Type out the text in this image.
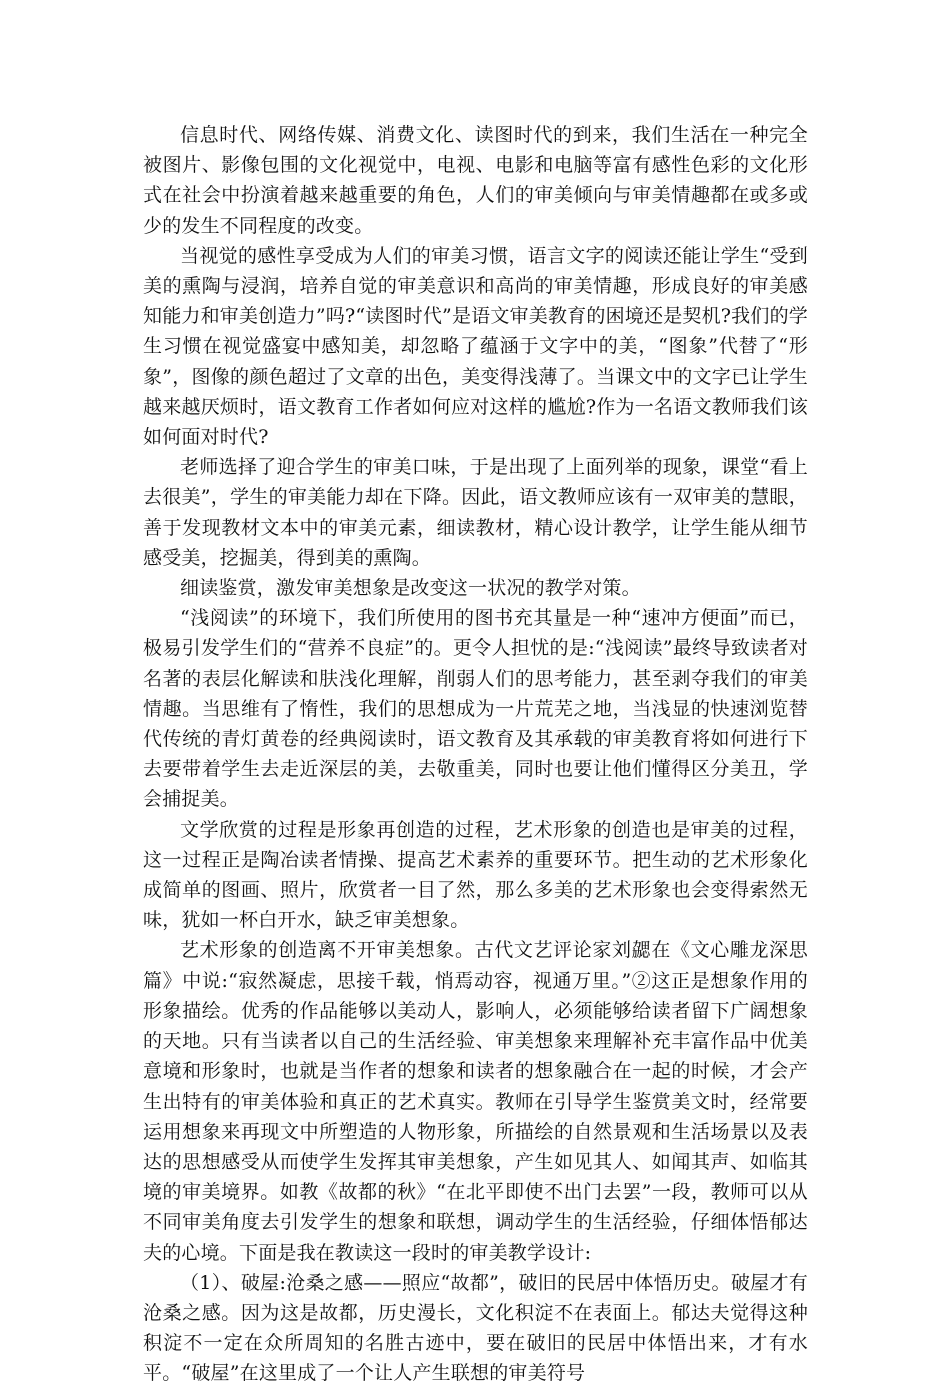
信息时代、网络传媒、消费文化、读图时代的到来，我们生活在一种完全被图片、影像包围的文化视觉中，电视、电影和电脑等富有感性色彩的文化形式在社会中扮演着越来越重要的角色，人们的审美倾向与审美情趣都在或多或少的发生不同程度的改变。

当视觉的感性享受成为人们的审美习惯，语言文字的阅读还能让学生“受到美的熏陶与浸润，培养自觉的审美意识和高尚的审美情趣，形成良好的审美感知能力和审美创造力”吗?“读图时代”是语文审美教育的困境还是契机?我们的学生习惯在视觉盛宴中感知美，却忽略了蕴涵于文字中的美，“图象”代替了“形象”，图像的颜色超过了文章的出色，美变得浅薄了。当课文中的文字已让学生越来越厌烦时，语文教育工作者如何应对这样的尴尬?作为一名语文教师我们该如何面对时代?

老师选择了迎合学生的审美口味，于是出现了上面列举的现象，课堂“看上去很美”，学生的审美能力却在下降。因此，语文教师应该有一双审美的慧眼，善于发现教材文本中的审美元素，细读教材，精心设计教学，让学生能从细节感受美，挖掘美，得到美的熏陶。

细读鉴赏，激发审美想象是改变这一状况的教学对策。

“浅阅读”的环境下，我们所使用的图书充其量是一种“速冲方便面”而已，极易引发学生们的“营养不良症”的。更令人担忧的是:“浅阅读”最终导致读者对名著的表层化解读和肤浅化理解，削弱人们的思考能力，甚至剥夺我们的审美情趣。当思维有了惰性，我们的思想成为一片荒芜之地，当浅显的快速浏览替代传统的青灯黄卷的经典阅读时，语文教育及其承载的审美教育将如何进行下去要带着学生去走近深层的美，去敬重美，同时也要让他们懂得区分美丑，学会捕捉美。

文学欣赏的过程是形象再创造的过程，艺术形象的创造也是审美的过程，这一过程正是陶冶读者情操、提高艺术素养的重要环节。把生动的艺术形象化成简单的图画、照片，欣赏者一目了然，那么多美的艺术形象也会变得索然无味，犹如一杯白开水，缺乏审美想象。

艺术形象的创造离不开审美想象。古代文艺评论家刘勰在《文心雕龙深思篇》中说:“寂然凝虑，思接千载，悄焉动容，视通万里。”②这正是想象作用的形象描绘。优秀的作品能够以美动人，影响人，必须能够给读者留下广阔想象的天地。只有当读者以自己的生活经验、审美想象来理解补充丰富作品中优美意境和形象时，也就是当作者的想象和读者的想象融合在一起的时候，才会产生出特有的审美体验和真正的艺术真实。教师在引导学生鉴赏美文时，经常要运用想象来再现文中所塑造的人物形象，所描绘的自然景观和生活场景以及表达的思想感受从而使学生发挥其审美想象，产生如见其人、如闻其声、如临其境的审美境界。如教《故都的秋》“在北平即使不出门去罢”一段，教师可以从不同审美角度去引发学生的想象和联想，调动学生的生活经验，仔细体悟郁达夫的心境。下面是我在教读这一段时的审美教学设计:

（1）、破屋:沧桑之感——照应“故都”，破旧的民居中体悟历史。破屋才有沧桑之感。因为这是故都，历史漫长，文化积淀不在表面上。郁达夫觉得这种积淀不一定在众所周知的名胜古迹中，要在破旧的民居中体悟出来，才有水平。“破屋”在这里成了一个让人产生联想的审美符号
